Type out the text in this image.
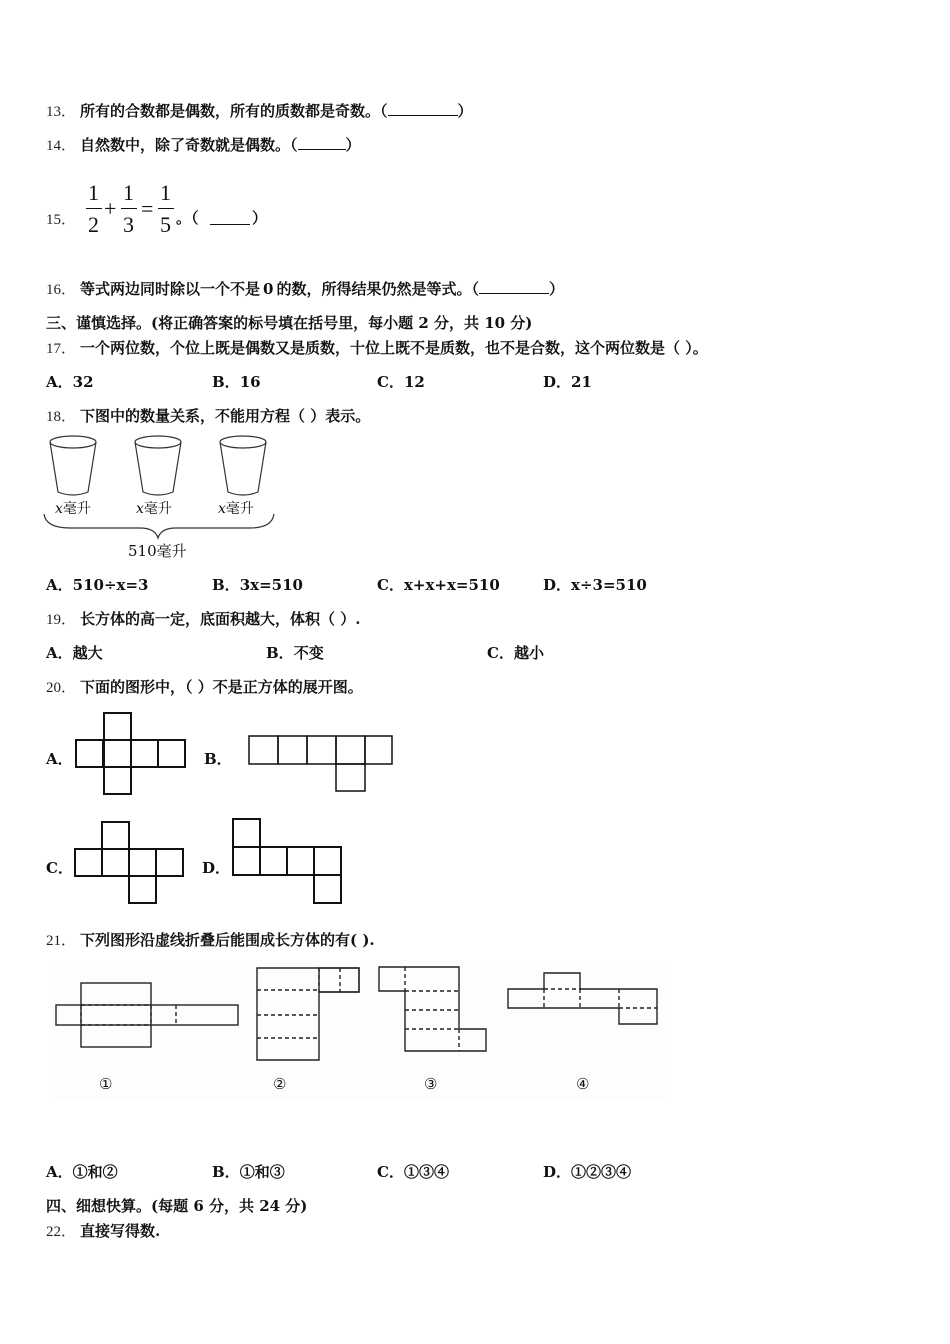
13． 所有的合数都是偶数，所有的质数都是奇数。（	）
14． 自然数中，除了奇数就是偶数。（	）
15．
1
2
+
1
3
=
1
5 。（	）
16． 等式两边同时除以一个不是 0 的数，所得结果仍然是等式。（	）
三、谨慎选择。(将正确答案的标号填在括号里，每小题 2 分，共 10 分)
17． 一个两位数，个位上既是偶数又是质数，十位上既不是质数，也不是合数，这个两位数是（ ）。
A．32	B．16	C．12	D．21
18． 下图中的数量关系，不能用方程（ ）表示。
x毫升	x毫升	x毫升
510毫升
A．510÷x=3	B．3x=510	C．x+x+x=510	D．x÷3=510
19． 长方体的高一定，底面积越大，体积（ ）.
A．越大	B．不变	C．越小
20． 下面的图形中，（ ）不是正方体的展开图。
A．	B．
C．	D．
21． 下列图形沿虚线折叠后能围成长方体的有( ).
①	②	③	④
A．①和②	B．①和③	C．①③④	D．①②③④
四、细想快算。(每题 6 分，共 24 分)
22． 直接写得数.
